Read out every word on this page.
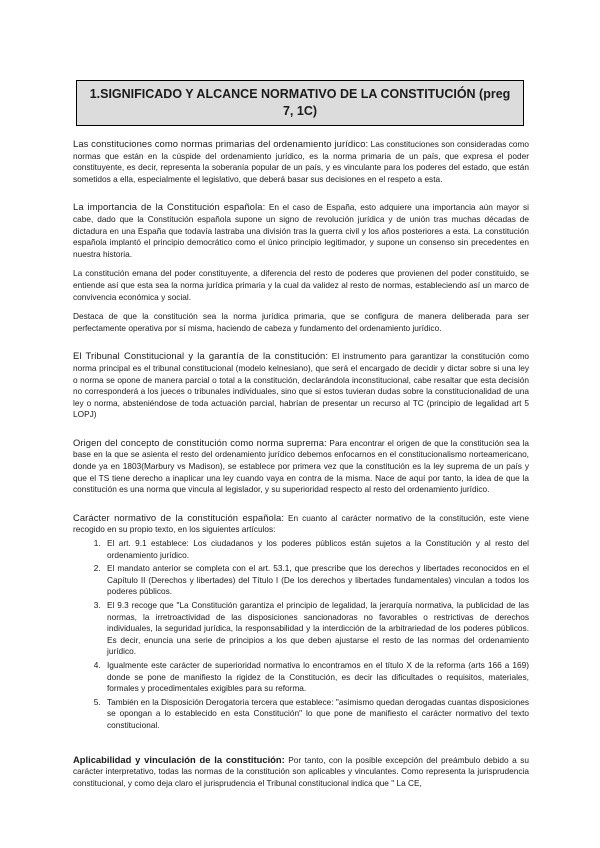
1.SIGNIFICADO Y ALCANCE NORMATIVO DE LA CONSTITUCIÓN (preg 7, 1C)

Las constituciones como normas primarias del ordenamiento jurídico: Las constituciones son consideradas como normas que están en la cúspide del ordenamiento jurídico, es la norma primaria de un país, que expresa el poder constituyente, es decir, representa la soberanía popular de un país, y es vinculante para los poderes del estado, que están sometidos a ella, especialmente el legislativo, que deberá basar sus decisiones en el respeto a esta.

La importancia de la Constitución española: En el caso de España, esto adquiere una importancia aún mayor si cabe, dado que la Constitución española supone un signo de revolución jurídica y de unión tras muchas décadas de dictadura en una España que todavía lastraba una división tras la guerra civil y los años posteriores a esta. La constitución española implantó el principio democrático como el único principio legitimador, y supone un consenso sin precedentes en nuestra historia.

La constitución emana del poder constituyente, a diferencia del resto de poderes que provienen del poder constituido, se entiende así que esta sea la norma jurídica primaria y la cual da validez al resto de normas, estableciendo así un marco de convivencia económica y social.

Destaca de que la constitución sea la norma jurídica primaria, que se configura de manera deliberada para ser perfectamente operativa por sí misma, haciendo de cabeza y fundamento del ordenamiento jurídico.

El Tribunal Constitucional y la garantía de la constitución: El instrumento para garantizar la constitución como norma principal es el tribunal constitucional (modelo kelnesiano), que será el encargado de decidir y dictar sobre si una ley o norma se opone de manera parcial o total a la constitución, declarándola inconstitucional, cabe resaltar que esta decisión no corresponderá a los jueces o tribunales individuales, sino que si estos tuvieran dudas sobre la constitucionalidad de una ley o norma, absteniéndose de toda actuación parcial, habrían de presentar un recurso al TC (principio de legalidad art 5 LOPJ)

Origen del concepto de constitución como norma suprema: Para encontrar el origen de que la constitución sea la base en la que se asienta el resto del ordenamiento jurídico debemos enfocarnos en el constitucionalismo norteamericano, donde ya en 1803(Marbury vs Madison), se establece por primera vez que la constitución es la ley suprema de un país y que el TS tiene derecho a inaplicar una ley cuando vaya en contra de la misma. Nace de aquí por tanto, la idea de que la constitución es una norma que vincula al legislador, y su superioridad respecto al resto del ordenamiento jurídico.

Carácter normativo de la constitución española: En cuanto al carácter normativo de la constitución, este viene recogido en su propio texto, en los siguientes artículos:

1. El art. 9.1 establece: Los ciudadanos y los poderes públicos están sujetos a la Constitución y al resto del ordenamiento jurídico.
2. El mandato anterior se completa con el art. 53.1, que prescribe que los derechos y libertades reconocidos en el Capítulo II (Derechos y libertades) del Título I (De los derechos y libertades fundamentales) vinculan a todos los poderes públicos.
3. El 9.3 recoge que "La Constitución garantiza el principio de legalidad, la jerarquía normativa, la publicidad de las normas, la irretroactividad de las disposiciones sancionadoras no favorables o restrictivas de derechos individuales, la seguridad jurídica, la responsabilidad y la interdicción de la arbitrariedad de los poderes públicos. Es decir, enuncia una serie de principios a los que deben ajustarse el resto de las normas del ordenamiento jurídico.
4. Igualmente este carácter de superioridad normativa lo encontramos en el título X de la reforma (arts 166 a 169) donde se pone de manifiesto la rigidez de la Constitución, es decir las dificultades o requisitos, materiales, formales y procedimentales exigibles para su reforma.
5. También en la Disposición Derogatoria tercera que establece: "asimismo quedan derogadas cuantas disposiciones se opongan a lo establecido en esta Constitución" lo que pone de manifiesto el carácter normativo del texto constitucional.

Aplicabilidad y vinculación de la constitución: Por tanto, con la posible excepción del preámbulo debido a su carácter interpretativo, todas las normas de la constitución son aplicables y vinculantes. Como representa la jurisprudencia constitucional, y como deja claro el jurisprudencia el Tribunal constitucional indica que " La CE,
